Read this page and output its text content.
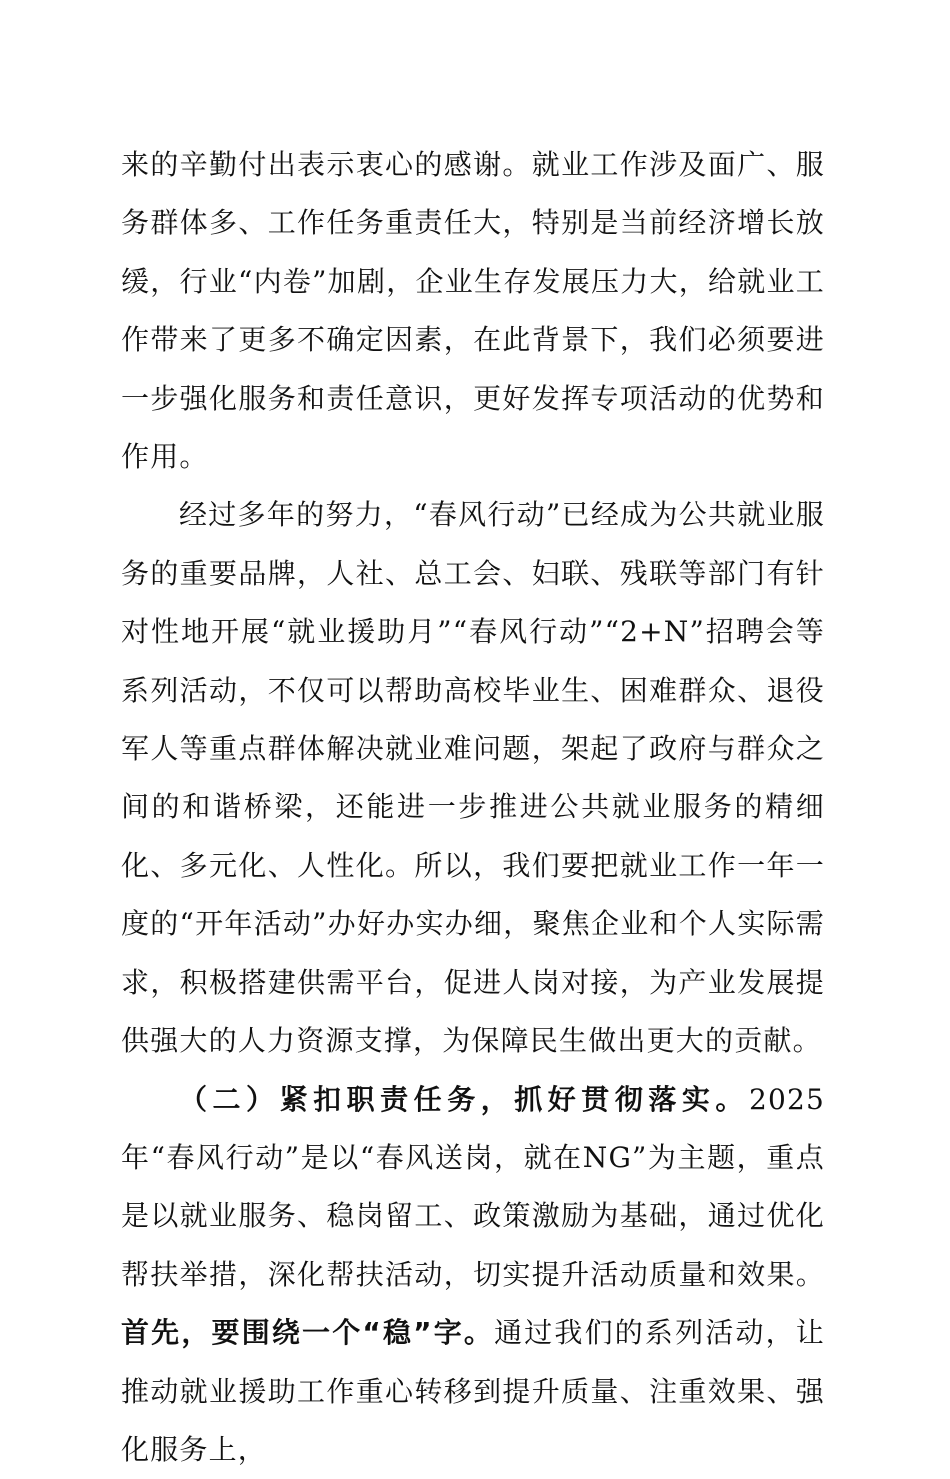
来的辛勤付出表示衷心的感谢。就业工作涉及面广、服务群体多、工作任务重责任大，特别是当前经济增长放缓，行业“内卷”加剧，企业生存发展压力大，给就业工作带来了更多不确定因素，在此背景下，我们必须要进一步强化服务和责任意识，更好发挥专项活动的优势和作用。

经过多年的努力，“春风行动”已经成为公共就业服务的重要品牌，人社、总工会、妇联、残联等部门有针对性地开展“就业援助月”“春风行动”“2+N”招聘会等系列活动，不仅可以帮助高校毕业生、困难群众、退役军人等重点群体解决就业难问题，架起了政府与群众之间的和谐桥梁，还能进一步推进公共就业服务的精细化、多元化、人性化。所以，我们要把就业工作一年一度的“开年活动”办好办实办细，聚焦企业和个人实际需求，积极搭建供需平台，促进人岗对接，为产业发展提供强大的人力资源支撑，为保障民生做出更大的贡献。

（二）紧扣职责任务，抓好贯彻落实。2025年“春风行动”是以“春风送岗，就在NG”为主题，重点是以就业服务、稳岗留工、政策激励为基础，通过优化帮扶举措，深化帮扶活动，切实提升活动质量和效果。首先，要围绕一个“稳”字。通过我们的系列活动，让推动就业援助工作重心转移到提升质量、注重效果、强化服务上，
